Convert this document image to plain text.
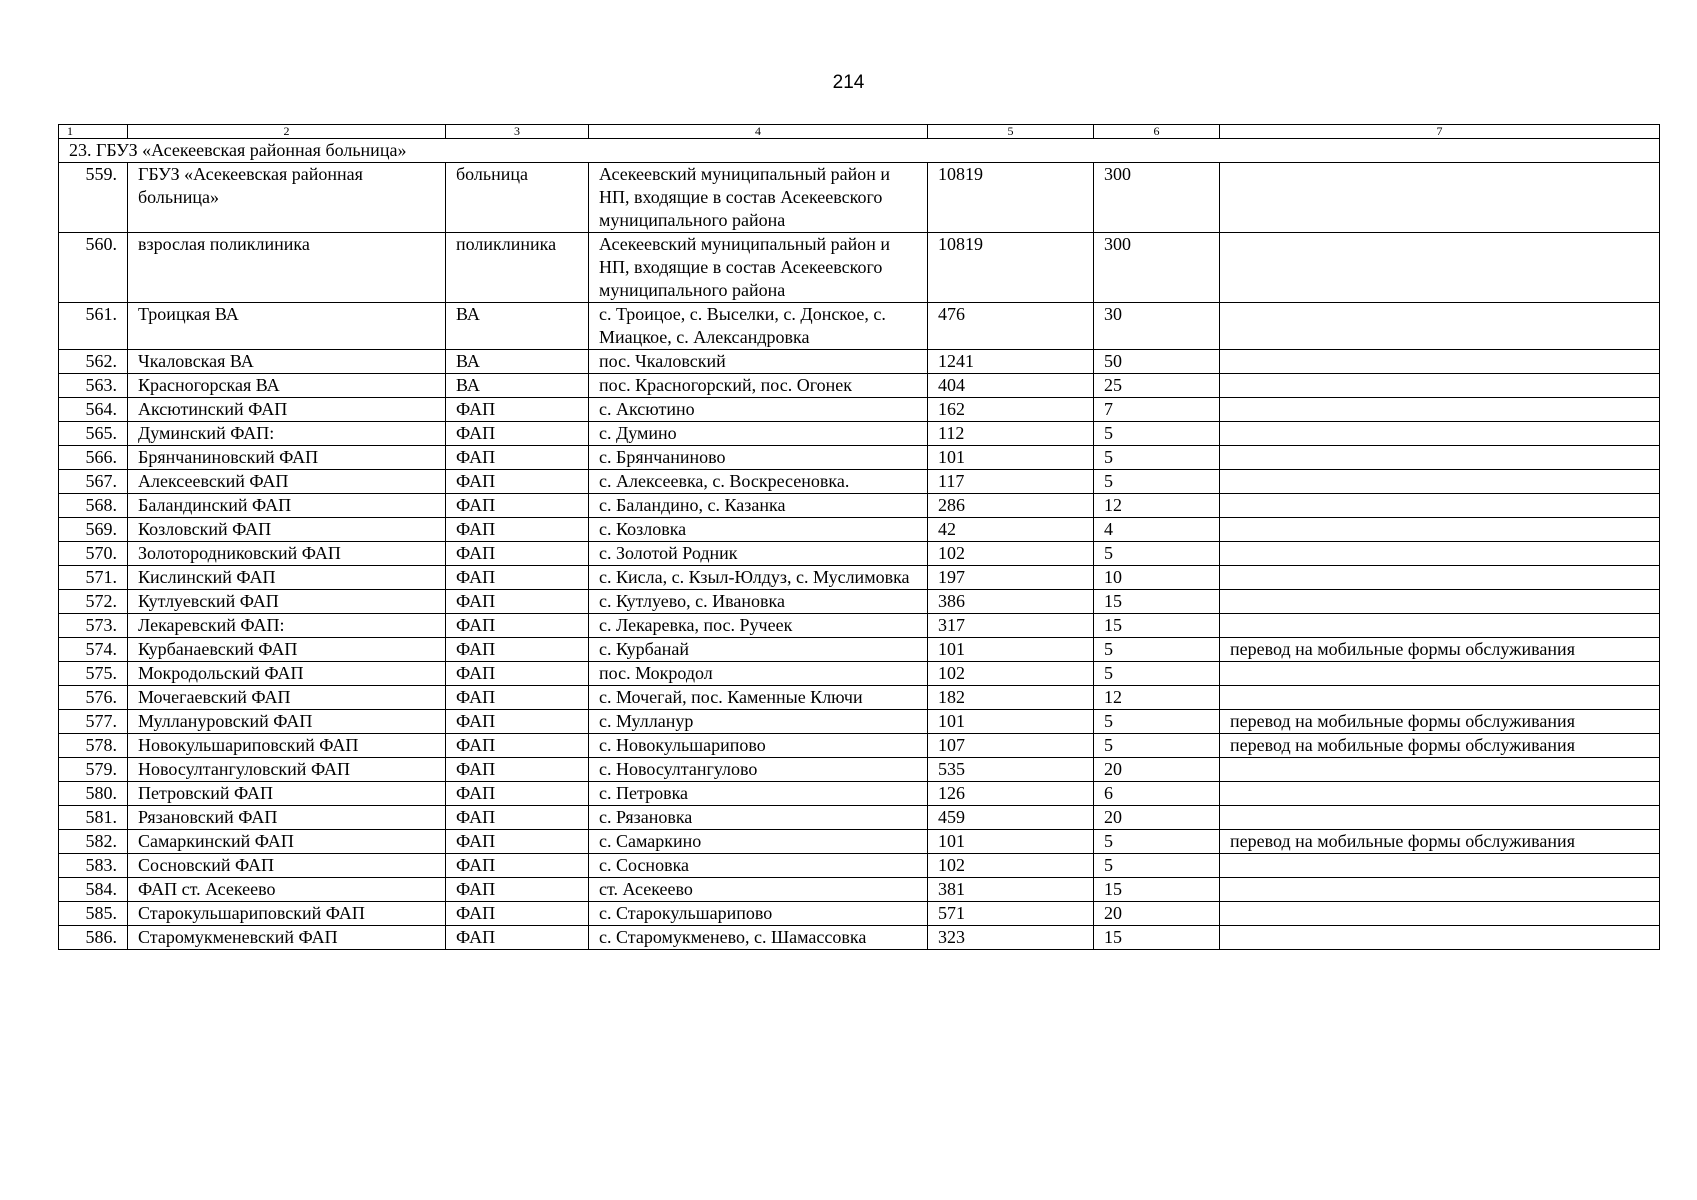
214
1	2	3	4	5	6	7
23. ГБУЗ «Асекеевская районная больница»						
559.	ГБУЗ «Асекеевская районная больница»	больница	Асекеевский муниципальный район и НП, входящие в состав Асекеевского муниципального района	10819	300	
560.	взрослая поликлиника	поликлиника	Асекеевский муниципальный район и НП, входящие в состав Асекеевского муниципального района	10819	300	
561.	Троицкая ВА	ВА	с. Троицое, с. Выселки, с. Донское, с. Миацкое, с. Александровка	476	30	
562.	Чкаловская ВА	ВА	пос. Чкаловский	1241	50	
563.	Красногорская ВА	ВА	пос. Красногорский, пос. Огонек	404	25	
564.	Аксютинский ФАП	ФАП	с. Аксютино	162	7	
565.	Думинский ФАП:	ФАП	с. Думино	112	5	
566.	Брянчаниновский ФАП	ФАП	с. Брянчаниново	101	5	
567.	Алексеевский ФАП	ФАП	с. Алексеевка, с. Воскресеновка.	117	5	
568.	Баландинский ФАП	ФАП	с. Баландино, с. Казанка	286	12	
569.	Козловский ФАП	ФАП	с. Козловка	42	4	
570.	Золотородниковский ФАП	ФАП	с. Золотой Родник	102	5	
571.	Кислинский ФАП	ФАП	с. Кисла, с. Кзыл-Юлдуз, с. Муслимовка	197	10	
572.	Кутлуевский ФАП	ФАП	с. Кутлуево, с. Ивановка	386	15	
573.	Лекаревский ФАП:	ФАП	с. Лекаревка, пос. Ручеек	317	15	
574.	Курбанаевский ФАП	ФАП	с. Курбанай	101	5	перевод на мобильные формы обслуживания
575.	Мокродольский ФАП	ФАП	пос. Мокродол	102	5	
576.	Мочегаевский ФАП	ФАП	с. Мочегай, пос. Каменные Ключи	182	12	
577.	Муллануровский ФАП	ФАП	с. Мулланур	101	5	перевод на мобильные формы обслуживания
578.	Новокульшариповский ФАП	ФАП	с. Новокульшарипово	107	5	перевод на мобильные формы обслуживания
579.	Новосултангуловский ФАП	ФАП	с. Новосултангулово	535	20	
580.	Петровский ФАП	ФАП	с. Петровка	126	6	
581.	Рязановский ФАП	ФАП	с. Рязановка	459	20	
582.	Самаркинский ФАП	ФАП	с. Самаркино	101	5	перевод на мобильные формы обслуживания
583.	Сосновский ФАП	ФАП	с. Сосновка	102	5	
584.	ФАП ст. Асекеево	ФАП	ст. Асекеево	381	15	
585.	Старокульшариповский ФАП	ФАП	с. Старокульшарипово	571	20	
586.	Старомукменевский ФАП	ФАП	с. Старомукменево, с. Шамассовка	323	15	
